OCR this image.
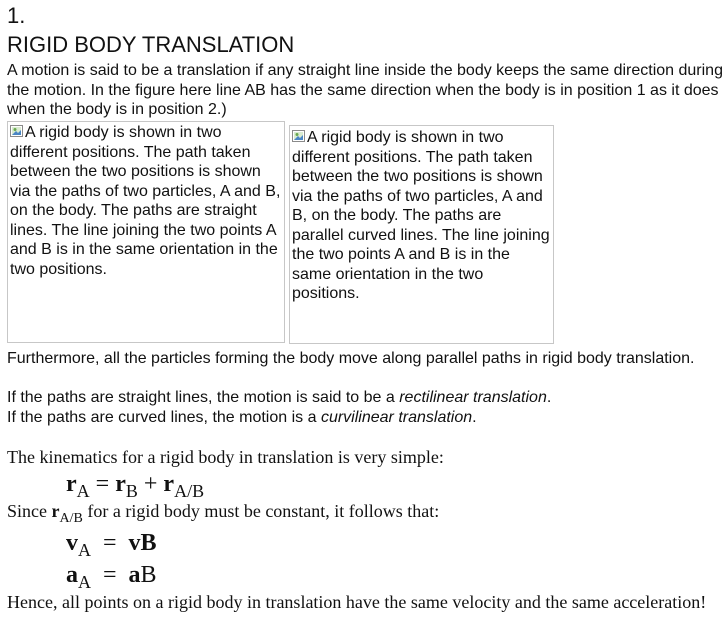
1.
RIGID BODY TRANSLATION

A motion is said to be a translation if any straight line inside the body keeps the same direction during the motion. In the figure here line AB has the same direction when the body is in position 1 as it does when the body is in position 2.)

A rigid body is shown in two different positions. The path taken between the two positions is shown via the paths of two particles, A and B, on the body. The paths are straight lines. The line joining the two points A and B is in the same orientation in the two positions.
A rigid body is shown in two different positions. The path taken between the two positions is shown via the paths of two particles, A and B, on the body. The paths are parallel curved lines. The line joining the two points A and B is in the same orientation in the two positions.

Furthermore, all the particles forming the body move along parallel paths in rigid body translation.

If the paths are straight lines, the motion is said to be a rectilinear translation.

If the paths are curved lines, the motion is a curvilinear translation.

The kinematics for a rigid body in translation is very simple:

$r_A = r_B + r_{A/B}$

Since $r_{A/B}$ for a rigid body must be constant, it follows that:

$v_A$  =  vB
$a_A$  =  aB

Hence, all points on a rigid body in translation have the same velocity and the same acceleration!
